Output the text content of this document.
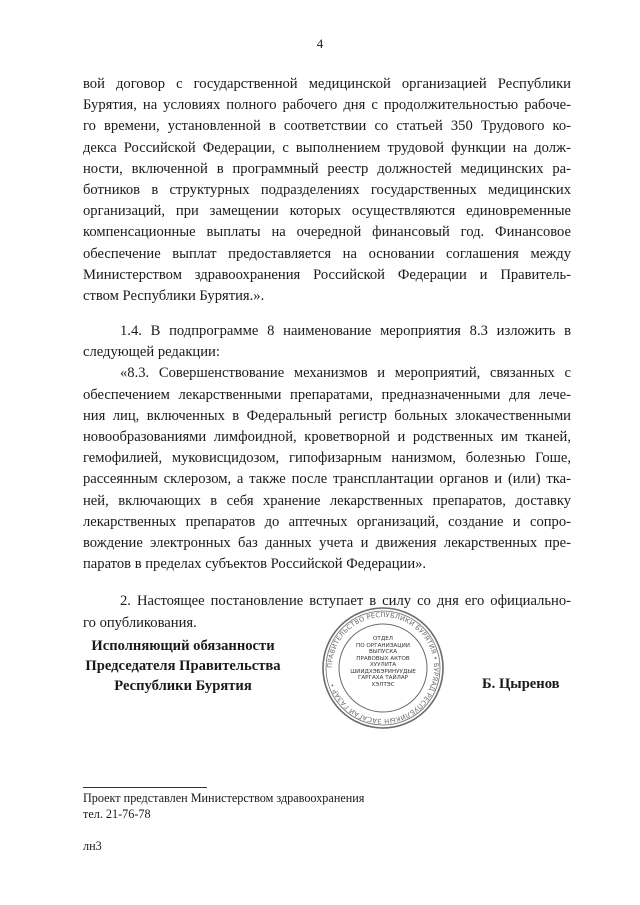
4
вой договор с государственной медицинской организацией Республики
Бурятия, на условиях полного рабочего дня с продолжительностью рабоче-
го времени, установленной в соответствии со статьей 350 Трудового ко-
декса Российской Федерации, с выполнением трудовой функции на долж-
ности, включенной в программный реестр должностей медицинских ра-
ботников в структурных подразделениях государственных медицинских
организаций, при замещении которых осуществляются единовременные
компенсационные выплаты на очередной финансовый год. Финансовое
обеспечение выплат предоставляется на основании соглашения между
Министерством здравоохранения Российской Федерации и Правитель-
ством Республики Бурятия.».
1.4. В подпрограмме 8 наименование мероприятия 8.3 изложить в
следующей редакции:
«8.3. Совершенствование механизмов и мероприятий, связанных с
обеспечением лекарственными препаратами, предназначенными для лече-
ния лиц, включенных в Федеральный регистр больных злокачественными
новообразованиями лимфоидной, кроветворной и родственных им тканей,
гемофилией, муковисцидозом, гипофизарным нанизмом, болезнью Гоше,
рассеянным склерозом, а также после трансплантации органов и (или) тка-
ней, включающих в себя хранение лекарственных препаратов, доставку
лекарственных препаратов до аптечных организаций, создание и сопро-
вождение электронных баз данных учета и движения лекарственных пре-
паратов в пределах субъектов Российской Федерации».
2. Настоящее постановление вступает в силу со дня его официально-
го опубликования.
Исполняющий обязанности
Председателя Правительства
Республики Бурятия
ПРАВИТЕЛЬСТВО РЕСПУБЛИКИ БУРЯТИЯ • БУРЯАД РЕСПУБЛИКЫН ЗАСАГАЙ ГАЗАР •
ОТДЕЛ
ПО ОРГАНИЗАЦИИ
ВЫПУСКА
ПРАВОВЫХ АКТОВ
ХУУЛИТА
ШИИДХЭБЭРИНУУДЫЕ
ГАРГАХА ТАЙЛАР
ХЭЛТЭС	Б. Цыренов
Проект представлен Министерством здравоохранения
тел. 21-76-78
лн3
